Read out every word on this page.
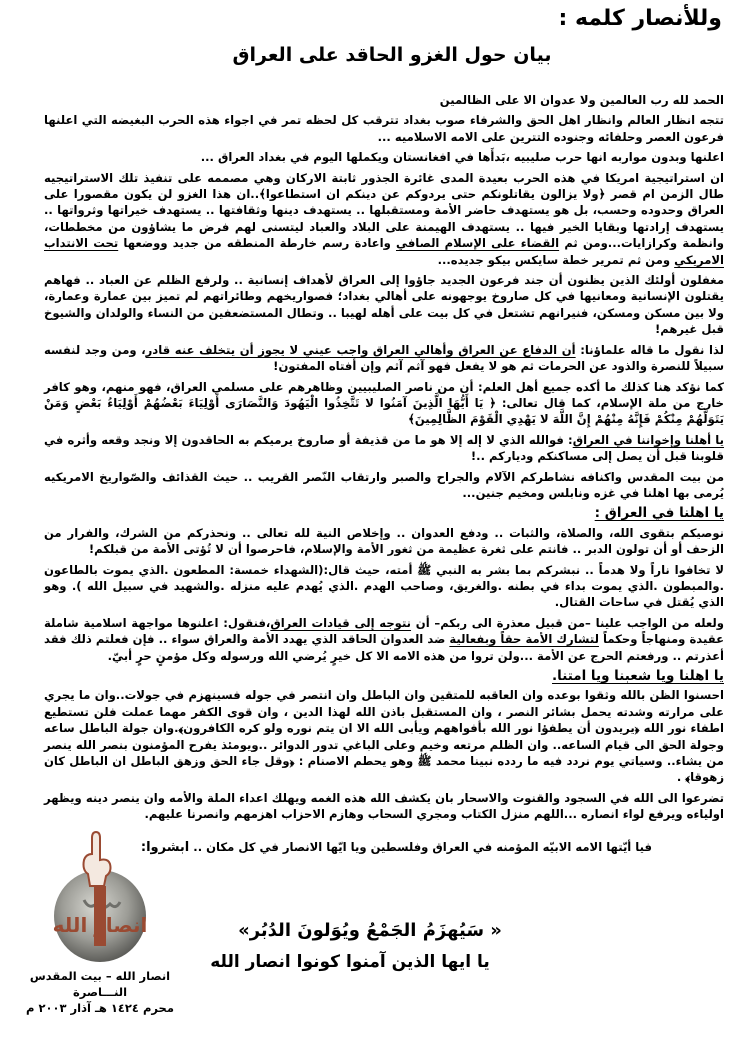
وللأنصار كلمه :
بيان حول الغزو الحاقد على العراق

الحمد لله رب العالمين ولا عدوان الا على الظالمين

تتجه انظار العالم وانظار اهل الحق والشرفاء صوب بغداد تترقب كل لحظه تمر في اجواء هذه الحرب البغيضه التي اعلنها فرعون العصر وحلفائه وجنوده التترين على الامه الاسلاميه ...

اعلنها وبدون مواربه انها حرب صليبيه ،بَدأَها في افغانستان ويكملها اليوم في بغداد العراق ...

ان استراتيجية امريكا في هذه الحرب بعيدة المدى غائرة الجذور ثابتة الاركان وهي مصممه على تنفيذ تلك الاستراتيجيه طال الزمن ام قصر ﴿ولا يزالون يقاتلونكم حتى يردوكم عن دينكم ان استطاعوا﴾..ان هذا الغزو لن يكون مقصورا على العراق وحدوده وحسب، بل هو يستهدف حاضر الأمة ومستقبلها .. يستهدف دينها وثقافتها .. يستهدف خيراتها وثرواتها .. يستهدف إرادتها وبقايا الخير فيها .. يستهدف الهيمنة على البلاد والعباد ليتسنى لهم فرض ما يشاؤون من مخططات، وانظمة وكرازايات...ومن ثم القضاء على الإسلام الصافي واعادة رسم خارطة المنطقه من جديد ووضعها تحت الانتداب الامريكي ومن ثم تمرير خطة سايكس بيكو جديده...

مغفلون أولئك الذين يظنون أن جند فرعون الجديد جاؤوا إلى العراق لأهداف إنسانية .. ولرفع الظلم عن العباد .. فهاهم يقتلون الإنسانية ومعانيها في كل صاروخ يوجهونه على أهالي بغداد؛ فصواريخهم وطائراتهم لم تميز بين عمارة وعمارة، ولا بين مسكن ومسكن، فنيرانهم تشتعل في كل بيت على أهله لهيبا .. وتطال المستضعفين من النساء والولدان والشيوخ قبل غيرهم!

لذا نقول ما قاله علماؤنا: أن الدفاع عن العراق وأهالي العراق واجب عيني لا يجوز أن يتخلف عنه قادر، ومن وجد لنفسه سبيلاً للنصرة والذود عن الحرمات ثم هو لا يفعل فهو آثم آثم وإن أفتاه المفتون!

كما نؤكد هنا كذلك ما أكده جميع أهل العلم: أن من ناصر الصليبيين وظاهرهم على مسلمي العراق، فهو منهم، وهو كافر خارج من ملة الإسلام، كما قال تعالى: ﴿ يَا أَيُّهَا الَّذِينَ آمَنُوا لا تَتَّخِذُوا الْيَهُودَ وَالنَّصَارَى أَوْلِيَاءَ بَعْضُهُمْ أَوْلِيَاءُ بَعْضٍ وَمَنْ يَتَوَلَّهُمْ مِنْكُمْ فَإِنَّهُ مِنْهُمْ إِنَّ اللَّهَ لا يَهْدِي الْقَوْمَ الظَّالِمِينَ﴾

يا أهلنا وإخواننا في العراق: فوالله الذي لا إله إلا هو ما من قذيفة أو صاروخ يرميكم به الحاقدون إلا ونجد وقعه وأثره في قلوبنا قبل أن يصل إلى مساكنكم ودياركم ..!

من بيت المقدس واكنافه نشاطركم الآلام والجراح والصبر وارتقاب النّصر القريب .. حيث القذائف والصّواريخ الامريكيه يُرمى بها اهلنا في غزه ونابلس ومخيم جنين...

يا اهلنا في العراق :

نوصيكم بتقوى الله، والصلاة، والثبات .. ودفع العدوان .. وإخلاص النية لله تعالى .. ونحذركم من الشرك، والفرار من الزحف أو أن تولون الدبر .. فانتم على ثغرة عظيمة من ثغور الأمة والإسلام، فاحرصوا أن لا تُؤتى الأمة من قبلكم!

لا تخافوا ناراً ولا هدماً .. نبشركم بما بشر به النبي ﷺ أمته، حيث قال:(الشهداء خمسة: المطعون .الذي يموت بالطاعون .والمبطون .الذي يموت بداء في بطنه .والغريق، وصاحب الهدم .الذي يُهدم عليه منزله .والشهيد في سبيل الله ). وهو الذي يُقتل في ساحات القتال.

ولعله من الواجب علينا –من قبيل معذرة الى ربكم– أن نتوجه إلى قيادات العراق،فنقول: اعلنوها مواجهة اسلامية شاملة عقيدة ومنهاجاً وحكماً لتشارك الأمة حقاً وبفعالية ضد العدوان الحاقد الذي يهدد الأمة والعراق سواء .. فإن فعلتم ذلك فقد أعذرتم .. ورفعتم الحرج عن الأمة ...ولن تروا من هذه الامه الا كل خيرٍ يُرضي الله ورسوله وكل مؤمنٍ حرٍ أبيّ.

يا اهلنا ويا شعبنا ويا امتنا.

احسنوا الظن بالله وثقوا بوعده وان العاقبه للمتقين وان الباطل وان انتصر في جوله فسينهزم في جولات..وان ما يجري على مرارته وشدته يحمل بشائر النصر ، وان المستقبل باذن الله لهذا الدين ، وان قوى الكفر مهما عملت فلن تستطيع اطفاء نور الله ﴿يريدون أن يطفؤا نور الله بأفواههم ويأبى الله الا ان يتم نوره ولو كره الكافرون﴾.وان جولة الباطل ساعه وجولة الحق الى قيام الساعه.. وان الظلم مرتعه وخيم وعلى الباغي تدور الدوائر ..ويومئذ يفرح المؤمنون بنصر الله ينصر من يشاء.. وسياتي يوم نردد فيه ما ردده نبينا محمد ﷺ وهو يحطم الاصنام : ﴿وقل جاء الحق وزهق الباطل ان الباطل كان زهوقا﴾ .

تضرعوا الى الله في السجود والقنوت والاسحار بان يكشف الله هذه الغمه ويهلك اعداء الملة والأمه وان ينصر دينه ويظهر اولياءه ويرفع لواء انصاره ...اللهم منزل الكتاب ومجري السحاب وهازم الاحزاب اهزمهم وانصرنا عليهم.

انصار الله
انصار الله – بيت المقدس
النـــاصرة
محرم ١٤٢٤ هـ آذار ٢٠٠٣ م
فيا أيّتها الامه الابيّه المؤمنه في العراق وفلسطين ويا ايّها الانصار في كل مكان .. ابشروا:
« سَيُهزَمُ الجَمْعُ ويُوَلونَ الدُبُر»
يا ايها الذين آمنوا كونوا انصار الله
